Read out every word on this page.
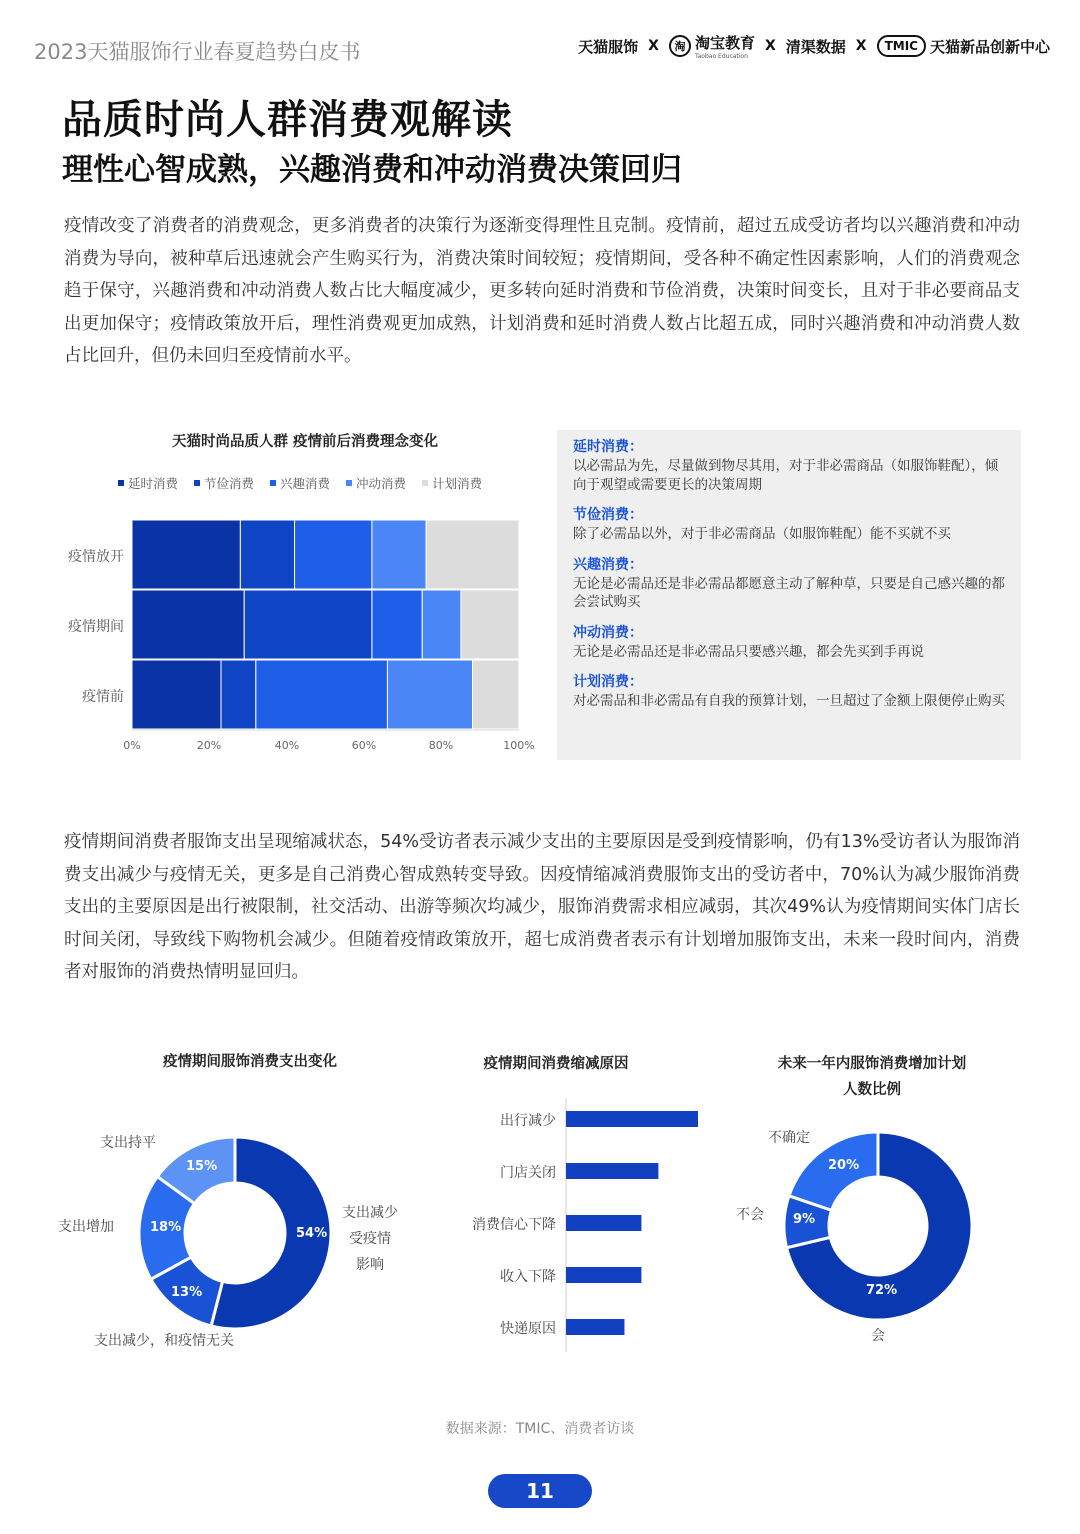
2023天猫服饰行业春夏趋势白皮书	天猫服饰 X	淘 淘宝教育
Taobao Education
X 清渠数据 X	TMIC 天猫新品创新中心
品质时尚人群消费观解读
理性心智成熟，兴趣消费和冲动消费决策回归
疫情改变了消费者的消费观念，更多消费者的决策行为逐渐变得理性且克制。疫情前，超过五成受访者均以兴趣消费和冲动消费为导向，被种草后迅速就会产生购买行为，消费决策时间较短；疫情期间，受各种不确定性因素影响，人们的消费观念趋于保守，兴趣消费和冲动消费人数占比大幅度减少，更多转向延时消费和节俭消费，决策时间变长，且对于非必要商品支出更加保守；疫情政策放开后，理性消费观更加成熟，计划消费和延时消费人数占比超五成，同时兴趣消费和冲动消费人数占比回升，但仍未回归至疫情前水平。
天猫时尚品质人群 疫情前后消费理念变化
延时消费 节俭消费 兴趣消费 冲动消费 计划消费
疫情放开
疫情期间
疫情前
0%	20%	40%	60%	80%	100%
延时消费：
以必需品为先，尽量做到物尽其用，对于非必需商品（如服饰鞋配），倾向于观望或需要更长的决策周期
节俭消费：
除了必需品以外，对于非必需商品（如服饰鞋配）能不买就不买
兴趣消费：
无论是必需品还是非必需品都愿意主动了解种草，只要是自己感兴趣的都会尝试购买
冲动消费：
无论是必需品还是非必需品只要感兴趣，都会先买到手再说
计划消费：
对必需品和非必需品有自我的预算计划，一旦超过了金额上限便停止购买
疫情期间消费者服饰支出呈现缩减状态，54%受访者表示减少支出的主要原因是受到疫情影响，仍有13%受访者认为服饰消费支出减少与疫情无关，更多是自己消费心智成熟转变导致。因疫情缩减消费服饰支出的受访者中，70%认为减少服饰消费支出的主要原因是出行被限制，社交活动、出游等频次均减少，服饰消费需求相应减弱，其次49%认为疫情期间实体门店长时间关闭，导致线下购物机会减少。但随着疫情政策放开，超七成消费者表示有计划增加服饰支出，未来一段时间内，消费者对服饰的消费热情明显回归。
疫情期间服饰消费支出变化
支出持平
支出增加
支出减少
受疫情
影响
支出减少，和疫情无关
15%
18%
13%
54%
疫情期间消费缩减原因
出行减少
门店关闭
消费信心下降
收入下降
快递原因
未来一年内服饰消费增加计划
人数比例
不确定
不会
会
20%
9%
72%
数据来源：TMIC、消费者访谈
11
